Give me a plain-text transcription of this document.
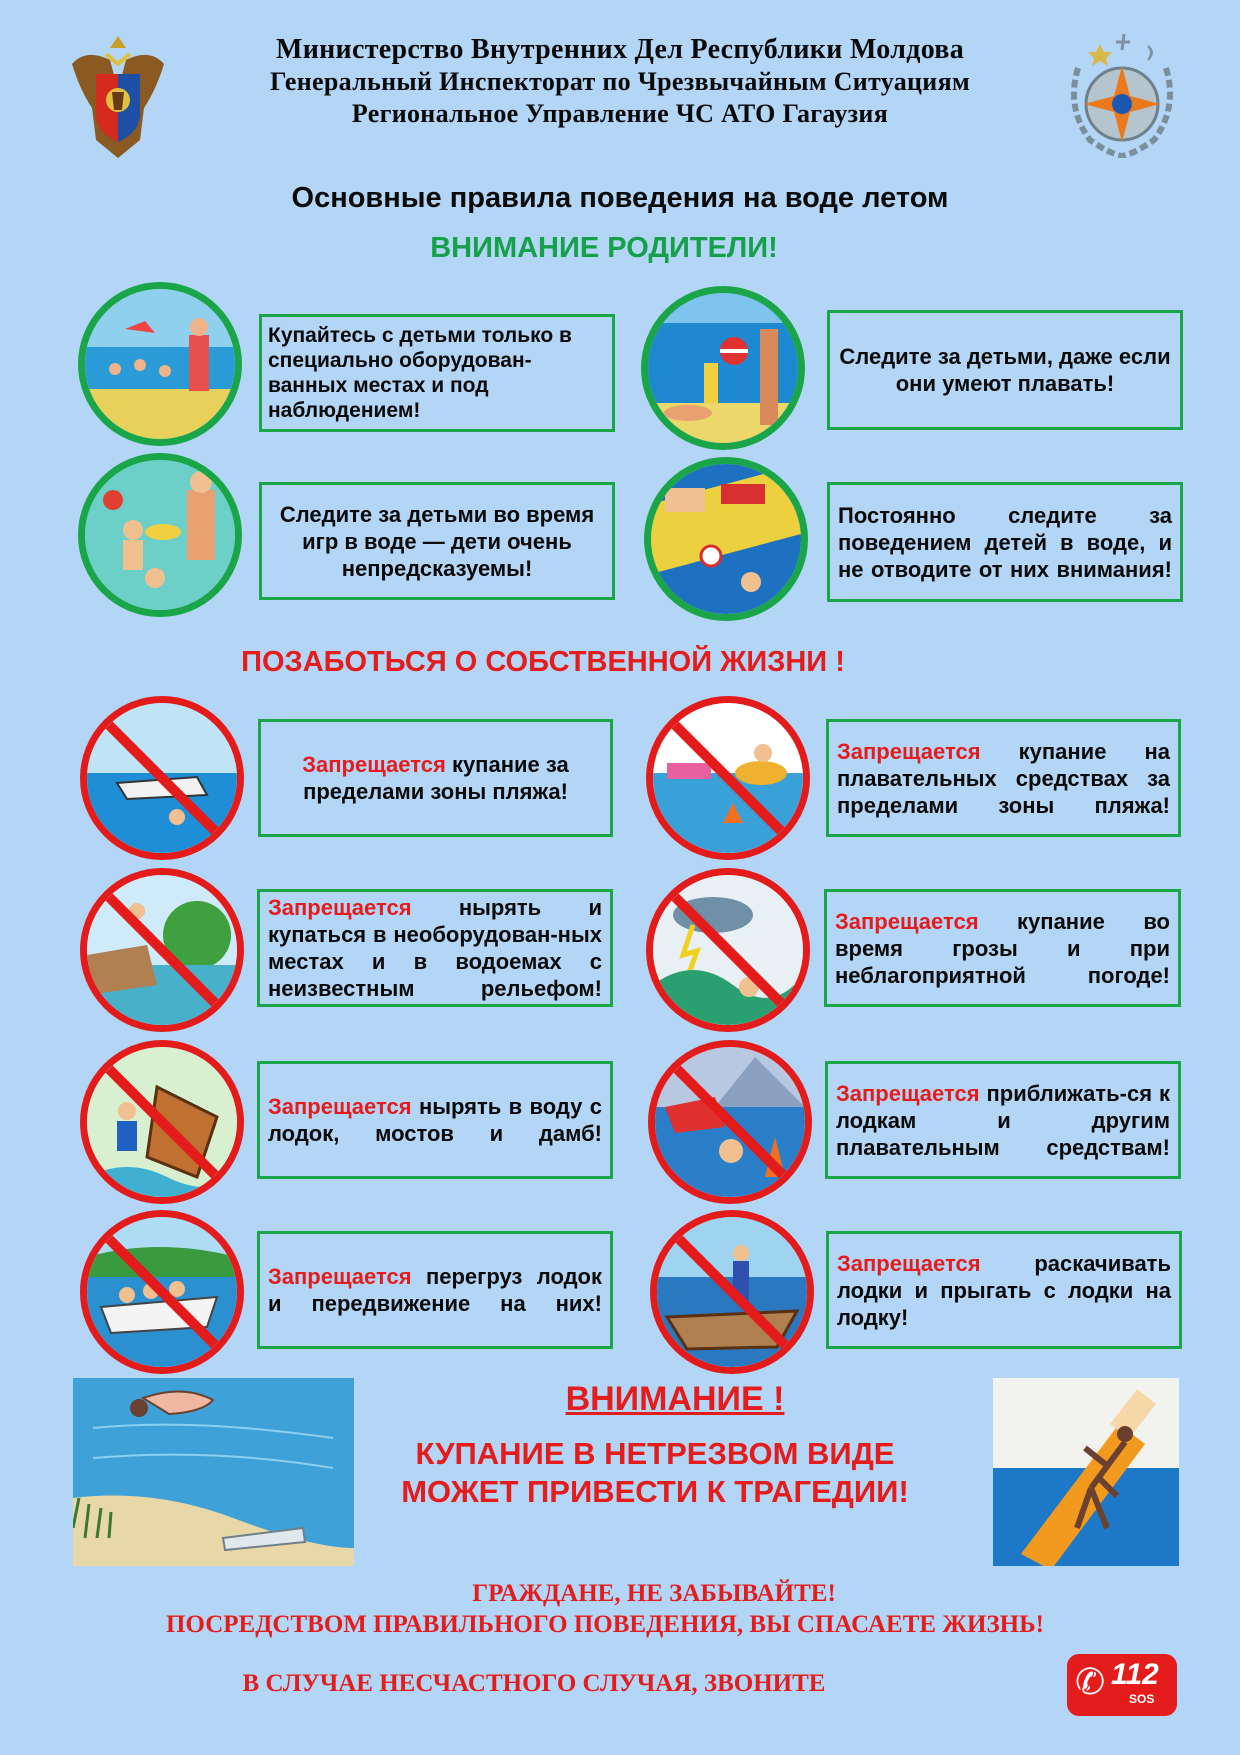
Министерство Внутренних Дел Республики Молдова
Генеральный Инспекторат по Чрезвычайным Ситуациям
Региональное Управление ЧС АТО Гагаузия
Основные правила поведения на воде летом
ВНИМАНИЕ РОДИТЕЛИ!
Купайтесь с детьми только в специально оборудован-ванных местах и под наблюдением!
Следите за детьми, даже если они умеют плавать!
Следите за детьми во время игр в воде — дети очень непредсказуемы!
Постоянно следите за поведением детей в воде, и не отводите от них внимания!
ПОЗАБОТЬСЯ О СОБСТВЕННОЙ ЖИЗНИ !
Запрещается купание за пределами зоны пляжа!
Запрещается купание на плавательных средствах за пределами зоны пляжа!
Запрещается нырять и купаться в необорудован-ных местах и в водоемах с неизвестным рельефом!
Запрещается купание во время грозы и при неблагоприятной погоде!
Запрещается нырять в воду с лодок, мостов и дамб!
Запрещается приближать-ся к лодкам и другим плавательным средствам!
Запрещается перегруз лодок и передвижение на них!
Запрещается раскачивать лодки и прыгать с лодки на лодку!
ВНИМАНИЕ !
КУПАНИЕ В НЕТРЕЗВОМ ВИДЕ
МОЖЕТ ПРИВЕСТИ К ТРАГЕДИИ!
ГРАЖДАНЕ, НЕ ЗАБЫВАЙТЕ!
ПОСРЕДСТВОМ ПРАВИЛЬНОГО ПОВЕДЕНИЯ, ВЫ СПАСАЕТЕ ЖИЗНЬ!
В СЛУЧАЕ НЕСЧАСТНОГО СЛУЧАЯ, ЗВОНИТЕ	✆ 112
SOS
